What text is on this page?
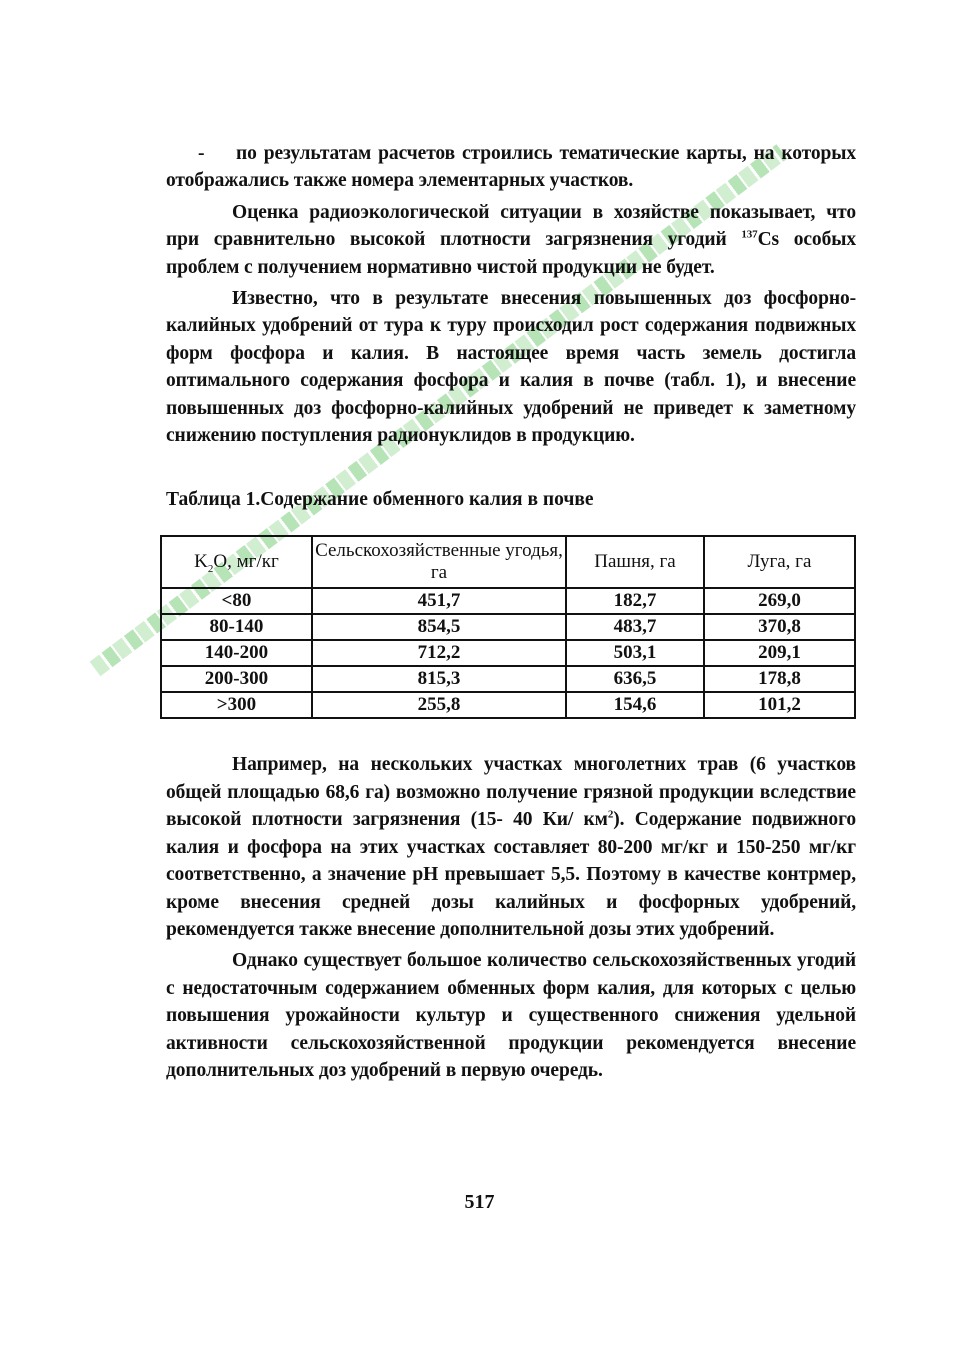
- по результатам расчетов строились тематические карты, на которых отображались также номера элементарных участков.

Оценка радиоэкологической ситуации в хозяйстве показывает, что при сравнительно высокой плотности загрязнения угодий $^{137}$Cs особых проблем с получением нормативно чистой продукции не будет.

Известно, что в результате внесения повышенных доз фосфорно-калийных удобрений от тура к туру происходил рост содержания подвижных форм фосфора и калия. В настоящее время часть земель достигла оптимального содержания фосфора и калия в почве (табл. 1), и внесение повышенных доз фосфорно-калийных удобрений не приведет к заметному снижению поступления радионуклидов в продукцию.

Таблица 1.Содержание обменного калия в почве

$K_2O$, мг/кг	Сельскохозяйственные угодья, га	Пашня, га	Луга, га
<80	451,7	182,7	269,0
80-140	854,5	483,7	370,8
140-200	712,2	503,1	209,1
200-300	815,3	636,5	178,8
>300	255,8	154,6	101,2

Например, на нескольких участках многолетних трав (6 участков общей площадью 68,6 га) возможно получение грязной продукции вследствие высокой плотности загрязнения (15- 40 Ки/ $км^2$). Содержание подвижного калия и фосфора на этих участках составляет 80-200 мг/кг и 150-250 мг/кг соответственно, а значение pH превышает 5,5. Поэтому в качестве контрмер, кроме внесения средней дозы калийных и фосфорных удобрений, рекомендуется также внесение дополнительной дозы этих удобрений.

Однако существует большое количество сельскохозяйственных угодий с недостаточным содержанием обменных форм калия, для которых с целью повышения урожайности культур и существенного снижения удельной активности сельскохозяйственной продукции рекомендуется внесение дополнительных доз удобрений в первую очередь.

517
